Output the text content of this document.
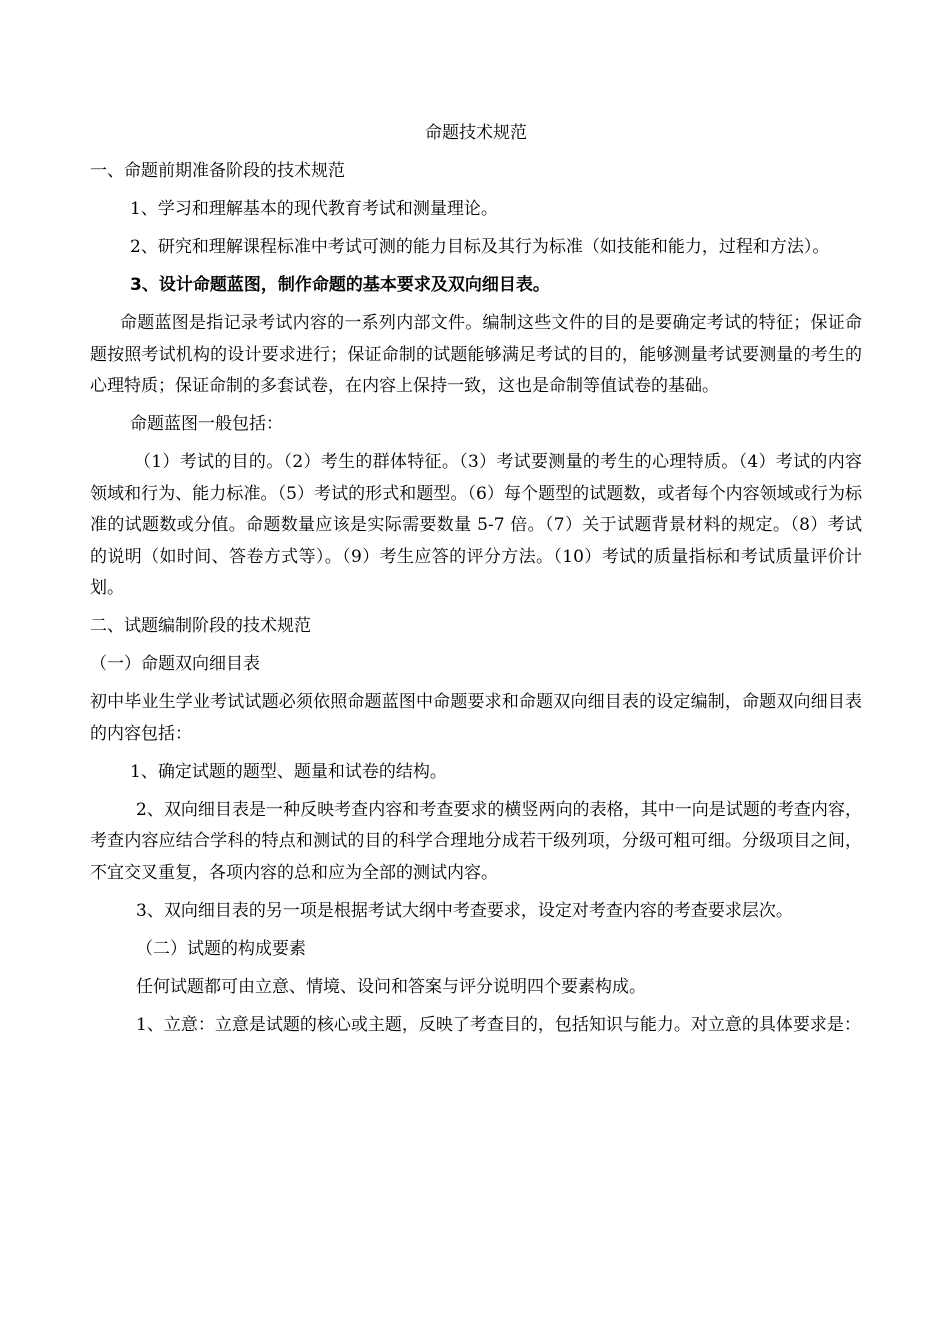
命题技术规范

一、命题前期准备阶段的技术规范

1、学习和理解基本的现代教育考试和测量理论。

2、研究和理解课程标准中考试可测的能力目标及其行为标准（如技能和能力，过程和方法）。

3、设计命题蓝图，制作命题的基本要求及双向细目表。

命题蓝图是指记录考试内容的一系列内部文件。编制这些文件的目的是要确定考试的特征；保证命题按照考试机构的设计要求进行；保证命制的试题能够满足考试的目的，能够测量考试要测量的考生的心理特质；保证命制的多套试卷，在内容上保持一致，这也是命制等值试卷的基础。

命题蓝图一般包括：

（1）考试的目的。（2）考生的群体特征。（3）考试要测量的考生的心理特质。（4）考试的内容领域和行为、能力标准。（5）考试的形式和题型。（6）每个题型的试题数，或者每个内容领域或行为标准的试题数或分值。命题数量应该是实际需要数量 5-7 倍。（7）关于试题背景材料的规定。（8）考试的说明（如时间、答卷方式等）。（9）考生应答的评分方法。（10）考试的质量指标和考试质量评价计划。

二、试题编制阶段的技术规范

（一）命题双向细目表

初中毕业生学业考试试题必须依照命题蓝图中命题要求和命题双向细目表的设定编制，命题双向细目表的内容包括：

1、确定试题的题型、题量和试卷的结构。

2、双向细目表是一种反映考查内容和考查要求的横竖两向的表格，其中一向是试题的考查内容，考查内容应结合学科的特点和测试的目的科学合理地分成若干级列项，分级可粗可细。分级项目之间，不宜交叉重复，各项内容的总和应为全部的测试内容。

3、双向细目表的另一项是根据考试大纲中考查要求，设定对考查内容的考查要求层次。

（二）试题的构成要素

任何试题都可由立意、情境、设问和答案与评分说明四个要素构成。

1、立意：立意是试题的核心或主题，反映了考查目的，包括知识与能力。对立意的具体要求是：
